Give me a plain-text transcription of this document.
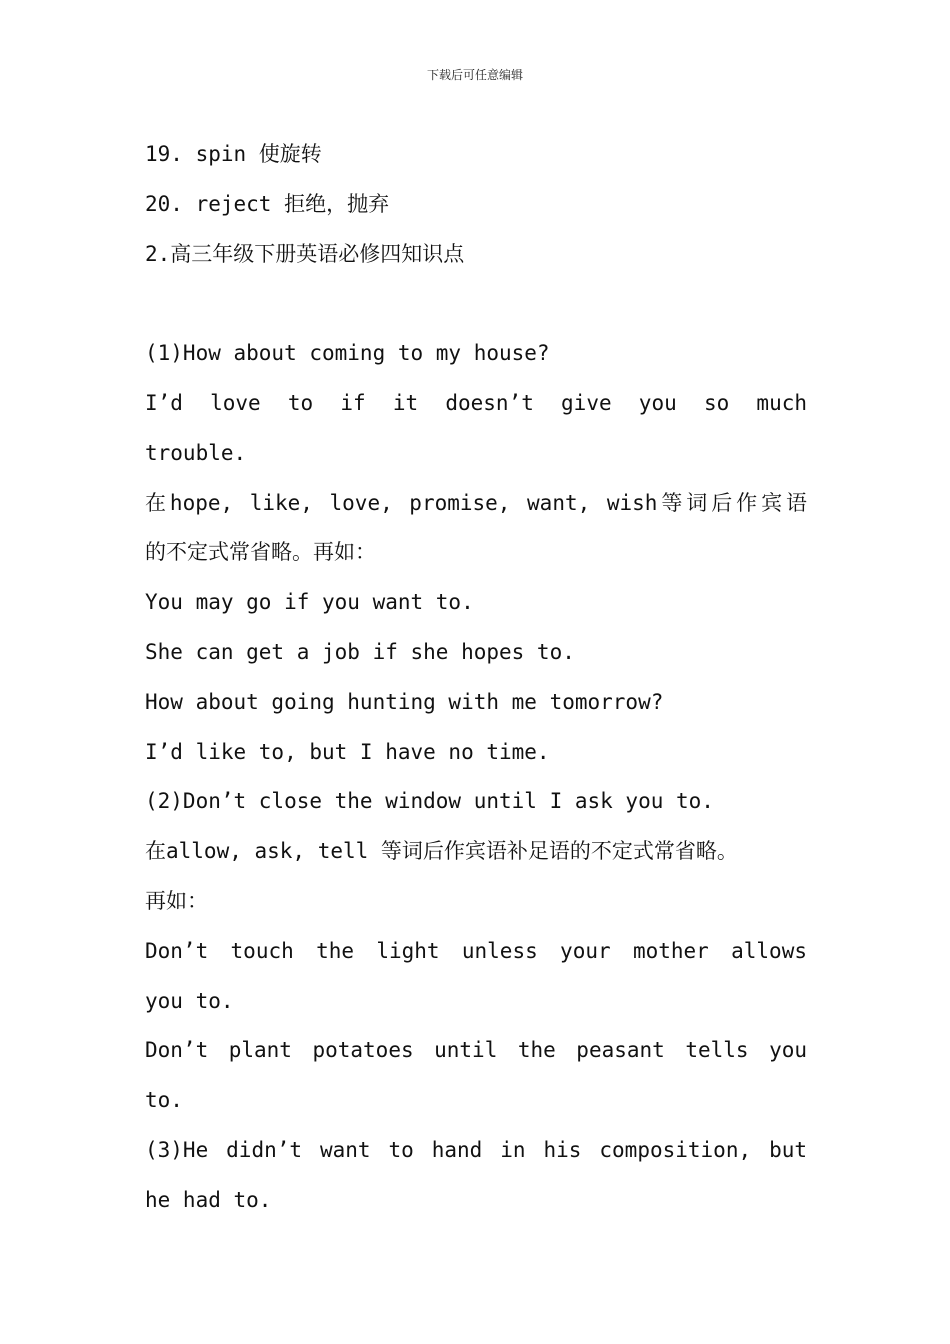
下载后可任意编辑
19. spin 使旋转
20. reject 拒绝，抛弃
2.高三年级下册英语必修四知识点
(1)How about coming to my house?
I’d love to if it doesn’t give you so much
trouble.
在hope, like, love, promise, want, wish等词后作宾语
的不定式常省略。再如：
You may go if you want to.
She can get a job if she hopes to.
How about going hunting with me tomorrow?
I’d like to, but I have no time.
(2)Don’t close the window until I ask you to.
在allow, ask, tell 等词后作宾语补足语的不定式常省略。
再如：
Don’t touch the light unless your mother allows
you to.
Don’t plant potatoes until the peasant tells you
to.
(3)He didn’t want to hand in his composition, but
he had to.
